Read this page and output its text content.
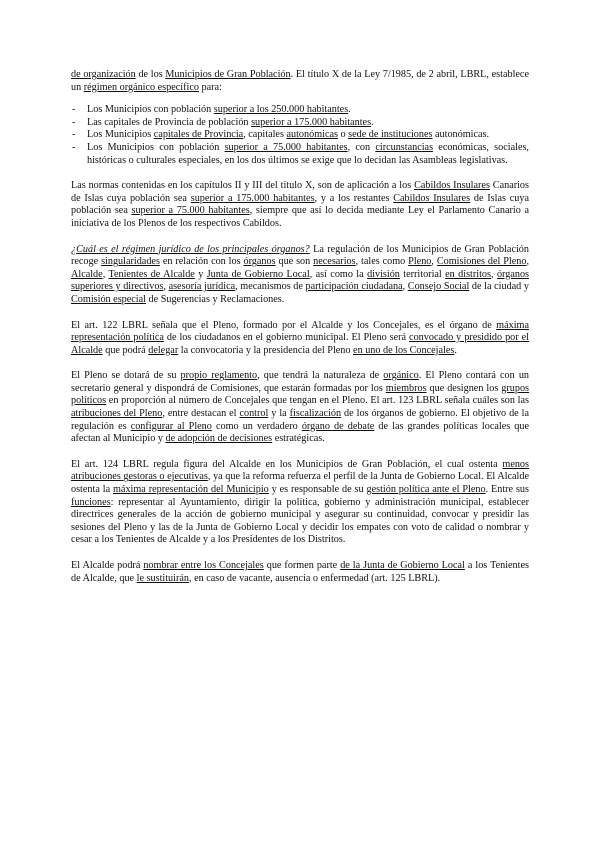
de organización de los Municipios de Gran Población. El título X de la Ley 7/1985, de 2 abril, LBRL, establece un régimen orgánico específico para:

- Los Municipios con población superior a los 250.000 habitantes.
- Las capitales de Provincia de población superior a 175.000 habitantes.
- Los Municipios capitales de Provincia, capitales autonómicas o sede de instituciones autonómicas.
- Los Municipios con población superior a 75.000 habitantes, con circunstancias económicas, sociales, históricas o culturales especiales, en los dos últimos se exige que lo decidan las Asambleas legislativas.

Las normas contenidas en los capítulos II y III del título X, son de aplicación a los Cabildos Insulares Canarios de Islas cuya población sea superior a 175.000 habitantes, y a los restantes Cabildos Insulares de Islas cuya población sea superior a 75.000 habitantes, siempre que así lo decida mediante Ley el Parlamento Canario a iniciativa de los Plenos de los respectivos Cabildos.

¿Cuál es el régimen jurídico de los principales órganos? La regulación de los Municipios de Gran Población recoge singularidades en relación con los órganos que son necesarios, tales como Pleno, Comisiones del Pleno, Alcalde, Tenientes de Alcalde y Junta de Gobierno Local, así como la división territorial en distritos, órganos superiores y directivos, asesoría jurídica, mecanismos de participación ciudadana, Consejo Social de la ciudad y Comisión especial de Sugerencias y Reclamaciones.

El art. 122 LBRL señala que el Pleno, formado por el Alcalde y los Concejales, es el órgano de máxima representación política de los ciudadanos en el gobierno municipal. El Pleno será convocado y presidido por el Alcalde que podrá delegar la convocatoria y la presidencia del Pleno en uno de los Concejales.

El Pleno se dotará de su propio reglamento, que tendrá la naturaleza de orgánico. El Pleno contará con un secretario general y dispondrá de Comisiones, que estarán formadas por los miembros que designen los grupos políticos en proporción al número de Concejales que tengan en el Pleno. El art. 123 LBRL señala cuáles son las atribuciones del Pleno, entre destacan el control y la fiscalización de los órganos de gobierno. El objetivo de la regulación es configurar al Pleno como un verdadero órgano de debate de las grandes políticas locales que afectan al Municipio y de adopción de decisiones estratégicas.

El art. 124 LBRL regula figura del Alcalde en los Municipios de Gran Población, el cual ostenta menos atribuciones gestoras o ejecutivas, ya que la reforma refuerza el perfil de la Junta de Gobierno Local. El Alcalde ostenta la máxima representación del Municipio y es responsable de su gestión política ante el Pleno. Entre sus funciones: representar al Ayuntamiento, dirigir la política, gobierno y administración municipal, establecer directrices generales de la acción de gobierno municipal y asegurar su continuidad, convocar y presidir las sesiones del Pleno y las de la Junta de Gobierno Local y decidir los empates con voto de calidad o nombrar y cesar a los Tenientes de Alcalde y a los Presidentes de los Distritos.

El Alcalde podrá nombrar entre los Concejales que formen parte de la Junta de Gobierno Local a los Tenientes de Alcalde, que le sustituirán, en caso de vacante, ausencia o enfermedad (art. 125 LBRL).
